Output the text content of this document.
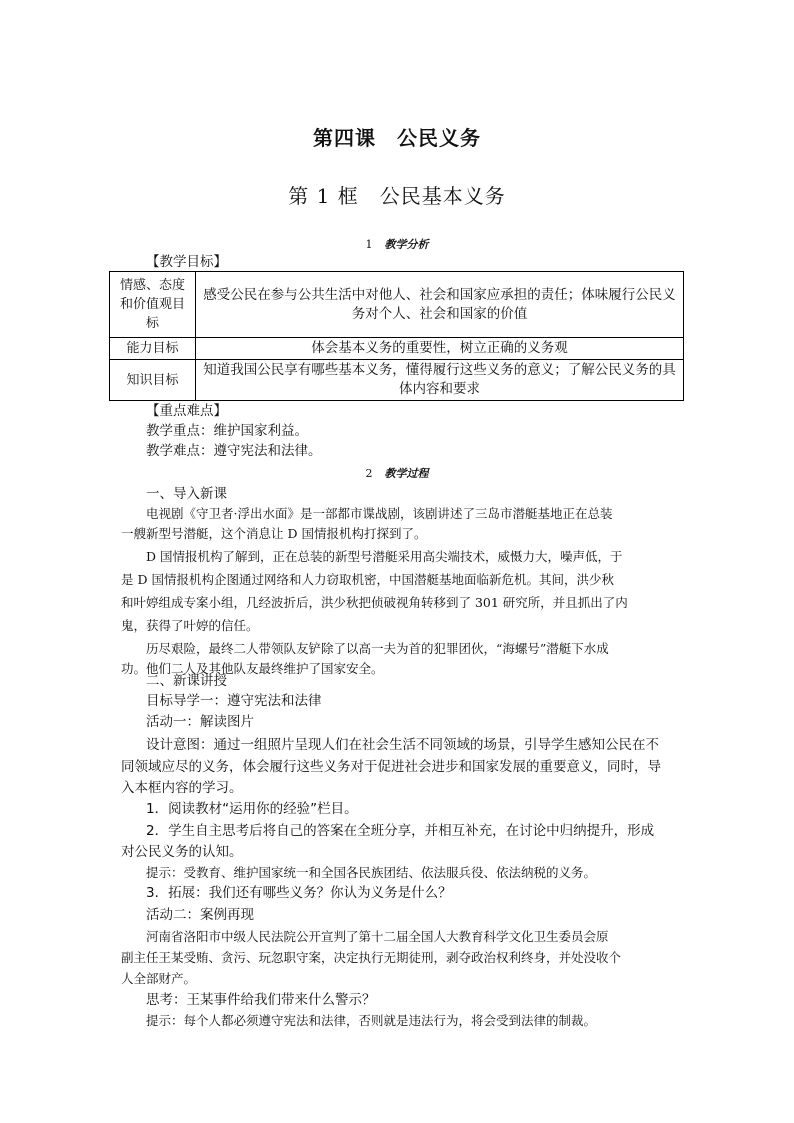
第四课　公民义务
第 1 框　公民基本义务
1 教学分析
【教学目标】
情感、态度和价值观目标	感受公民在参与公共生活中对他人、社会和国家应承担的责任；体味履行公民义务对个人、社会和国家的价值
能力目标	体会基本义务的重要性，树立正确的义务观
知识目标	知道我国公民享有哪些基本义务，懂得履行这些义务的意义；了解公民义务的具体内容和要求
【重点难点】
教学重点：维护国家利益。
教学难点：遵守宪法和法律。
2 教学过程
一、导入新课
电视剧《守卫者·浮出水面》是一部都市谍战剧，该剧讲述了三岛市潜艇基地正在总装
一艘新型号潜艇，这个消息让 D 国情报机构打探到了。
D 国情报机构了解到，正在总装的新型号潜艇采用高尖端技术，威慑力大，噪声低，于
是 D 国情报机构企图通过网络和人力窃取机密，中国潜艇基地面临新危机。其间，洪少秋
和叶婷组成专案小组，几经波折后，洪少秋把侦破视角转移到了 301 研究所，并且抓出了内
鬼，获得了叶婷的信任。
历尽艰险，最终二人带领队友铲除了以高一夫为首的犯罪团伙，“海螺号”潜艇下水成
功。他们二人及其他队友最终维护了国家安全。
二、新课讲授
目标导学一：遵守宪法和法律
活动一：解读图片
设计意图：通过一组照片呈现人们在社会生活不同领域的场景，引导学生感知公民在不
同领域应尽的义务，体会履行这些义务对于促进社会进步和国家发展的重要意义，同时，导
入本框内容的学习。
1．阅读教材“运用你的经验”栏目。
2．学生自主思考后将自己的答案在全班分享，并相互补充，在讨论中归纳提升，形成
对公民义务的认知。
提示：受教育、维护国家统一和全国各民族团结、依法服兵役、依法纳税的义务。
3．拓展：我们还有哪些义务？你认为义务是什么？
活动二：案例再现
河南省洛阳市中级人民法院公开宣判了第十二届全国人大教育科学文化卫生委员会原
副主任王某受贿、贪污、玩忽职守案，决定执行无期徒刑，剥夺政治权利终身，并处没收个
人全部财产。
思考：王某事件给我们带来什么警示？
提示：每个人都必须遵守宪法和法律，否则就是违法行为，将会受到法律的制裁。
